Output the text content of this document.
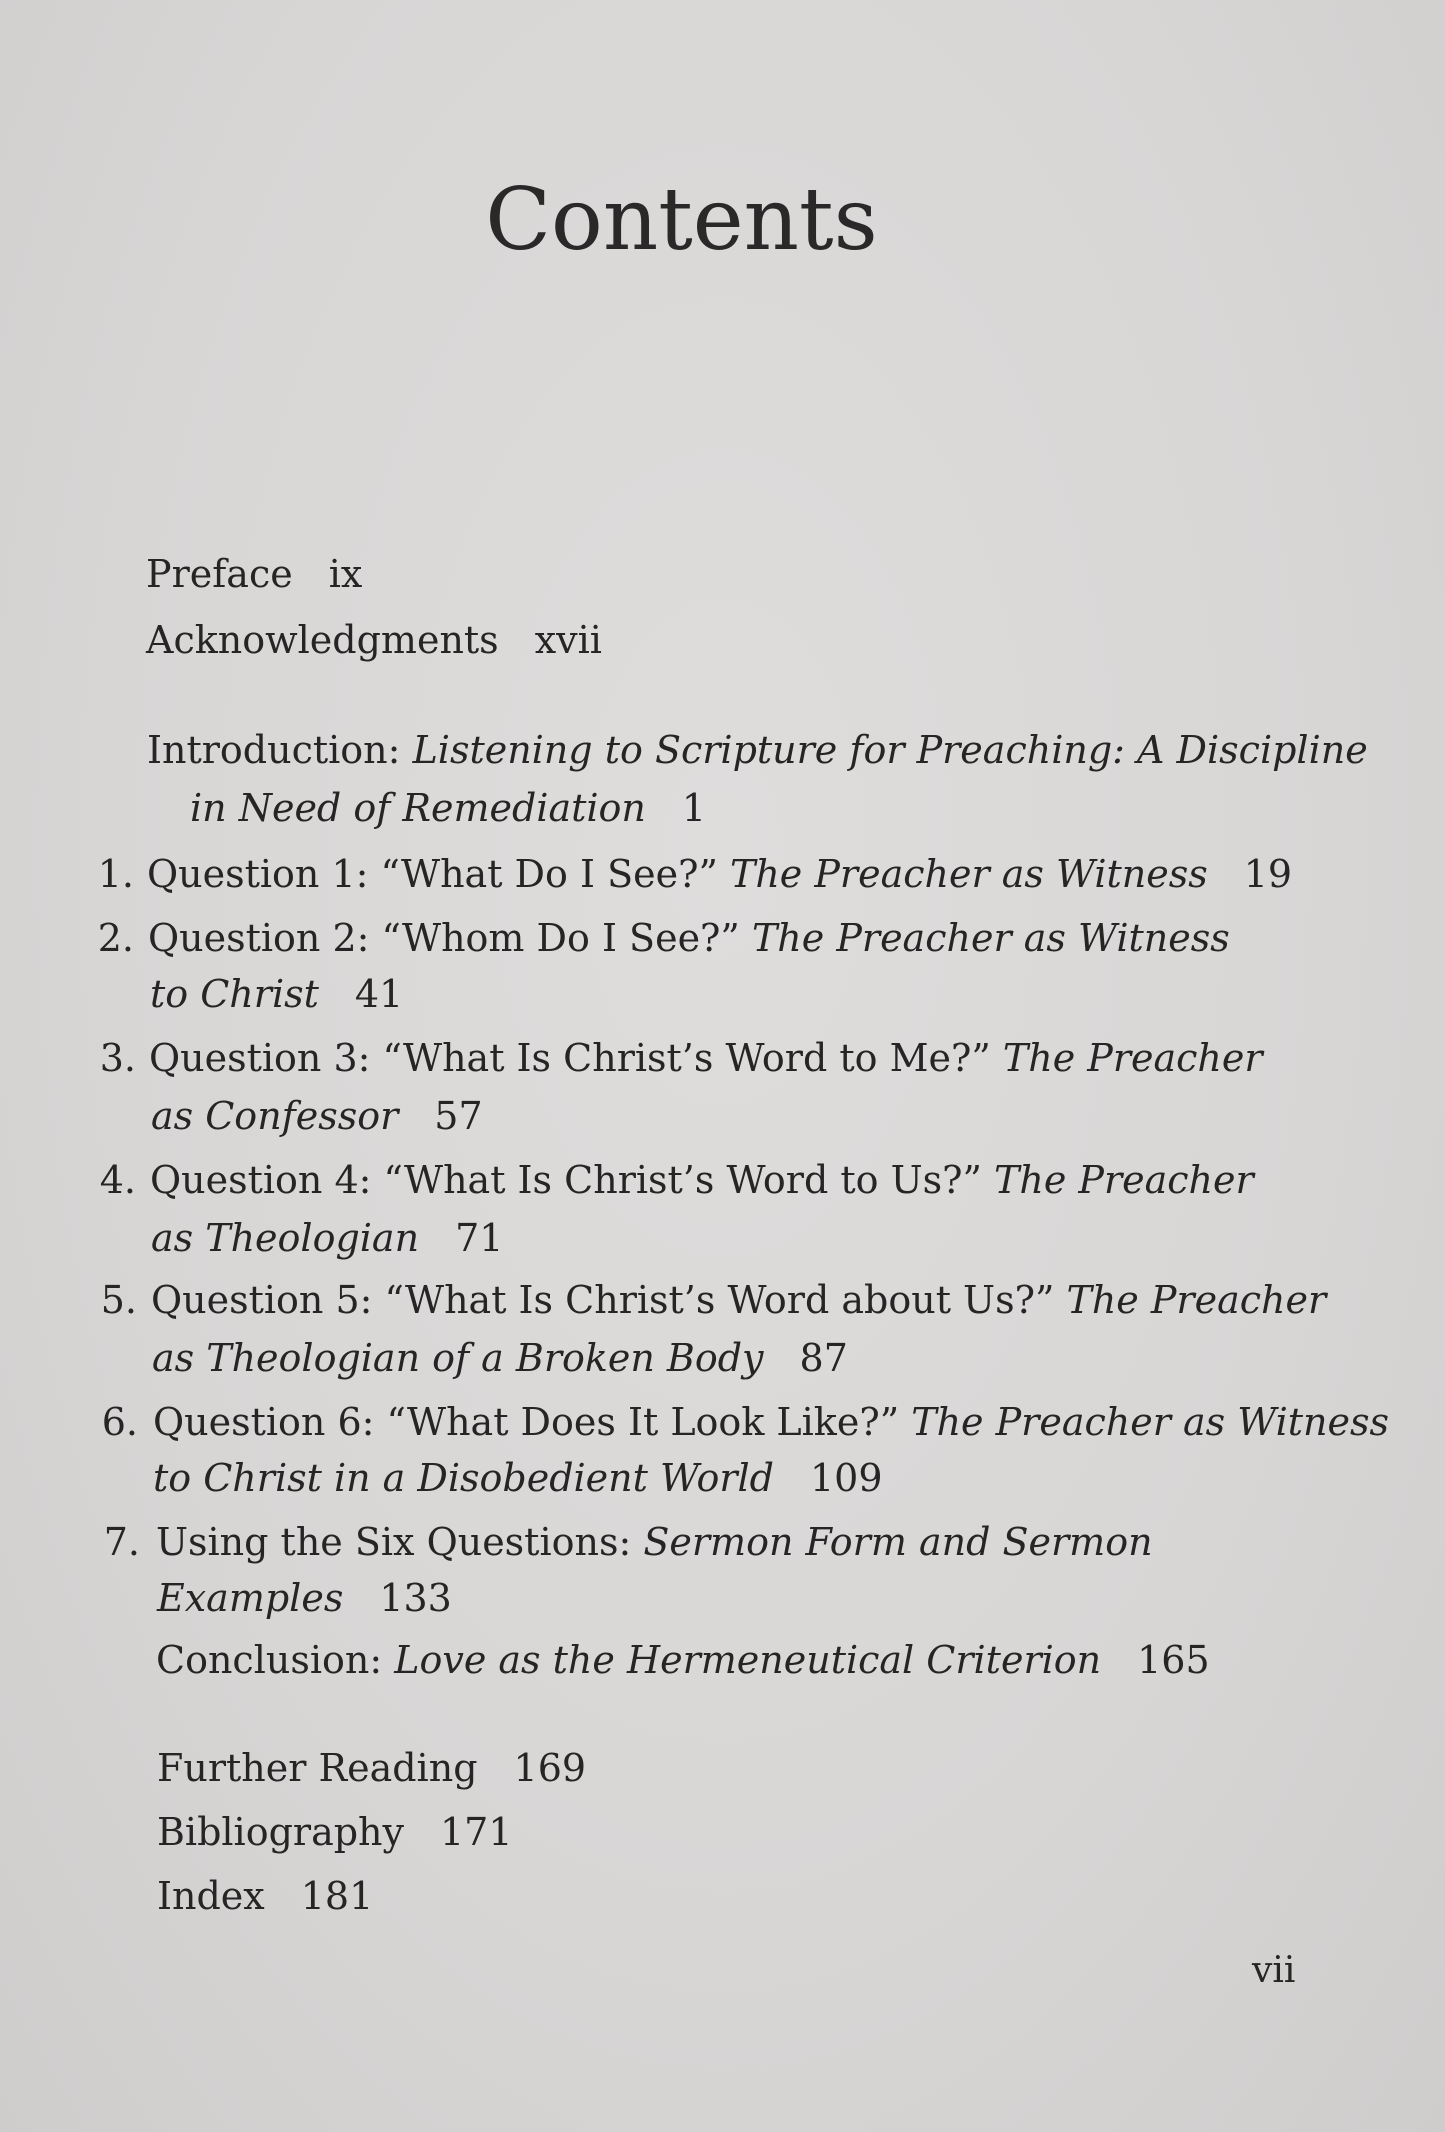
Contents
Preface ix
Acknowledgments xvii
Introduction: Listening to Scripture for Preaching: A Discipline
in Need of Remediation 1
1. Question 1: “What Do I See?” The Preacher as Witness 19
2. Question 2: “Whom Do I See?” The Preacher as Witness
to Christ 41
3. Question 3: “What Is Christ’s Word to Me?” The Preacher
as Confessor 57
4. Question 4: “What Is Christ’s Word to Us?” The Preacher
as Theologian 71
5. Question 5: “What Is Christ’s Word about Us?” The Preacher
as Theologian of a Broken Body 87
6. Question 6: “What Does It Look Like?” The Preacher as Witness
to Christ in a Disobedient World 109
7. Using the Six Questions: Sermon Form and Sermon
Examples 133
Conclusion: Love as the Hermeneutical Criterion 165
Further Reading 169
Bibliography 171
Index 181
vii
